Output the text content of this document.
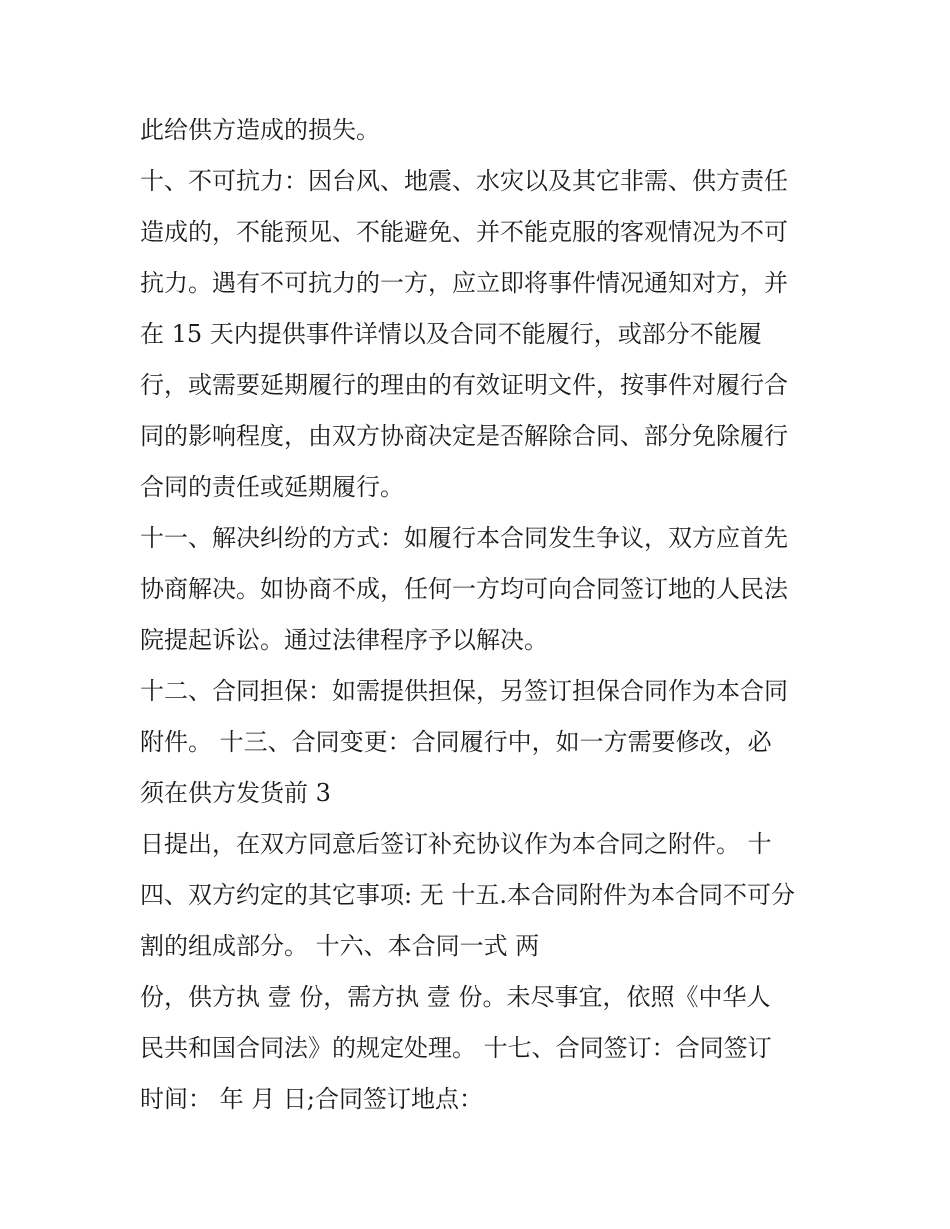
此给供方造成的损失。
十、不可抗力：因台风、地震、水灾以及其它非需、供方责任
造成的，不能预见、不能避免、并不能克服的客观情况为不可
抗力。遇有不可抗力的一方，应立即将事件情况通知对方，并
在 15 天内提供事件详情以及合同不能履行，或部分不能履
行，或需要延期履行的理由的有效证明文件，按事件对履行合
同的影响程度，由双方协商决定是否解除合同、部分免除履行
合同的责任或延期履行。
十一、解决纠纷的方式：如履行本合同发生争议，双方应首先
协商解决。如协商不成，任何一方均可向合同签订地的人民法
院提起诉讼。通过法律程序予以解决。
十二、合同担保：如需提供担保，另签订担保合同作为本合同
附件。 十三、合同变更：合同履行中，如一方需要修改，必
须在供方发货前 3
日提出，在双方同意后签订补充协议作为本合同之附件。 十
四、双方约定的其它事项: 无 十五.本合同附件为本合同不可分
割的组成部分。 十六、本合同一式 两
份，供方执 壹 份，需方执 壹 份。未尽事宜，依照《中华人
民共和国合同法》的规定处理。 十七、合同签订：合同签订
时间： 年 月 日;合同签订地点：
